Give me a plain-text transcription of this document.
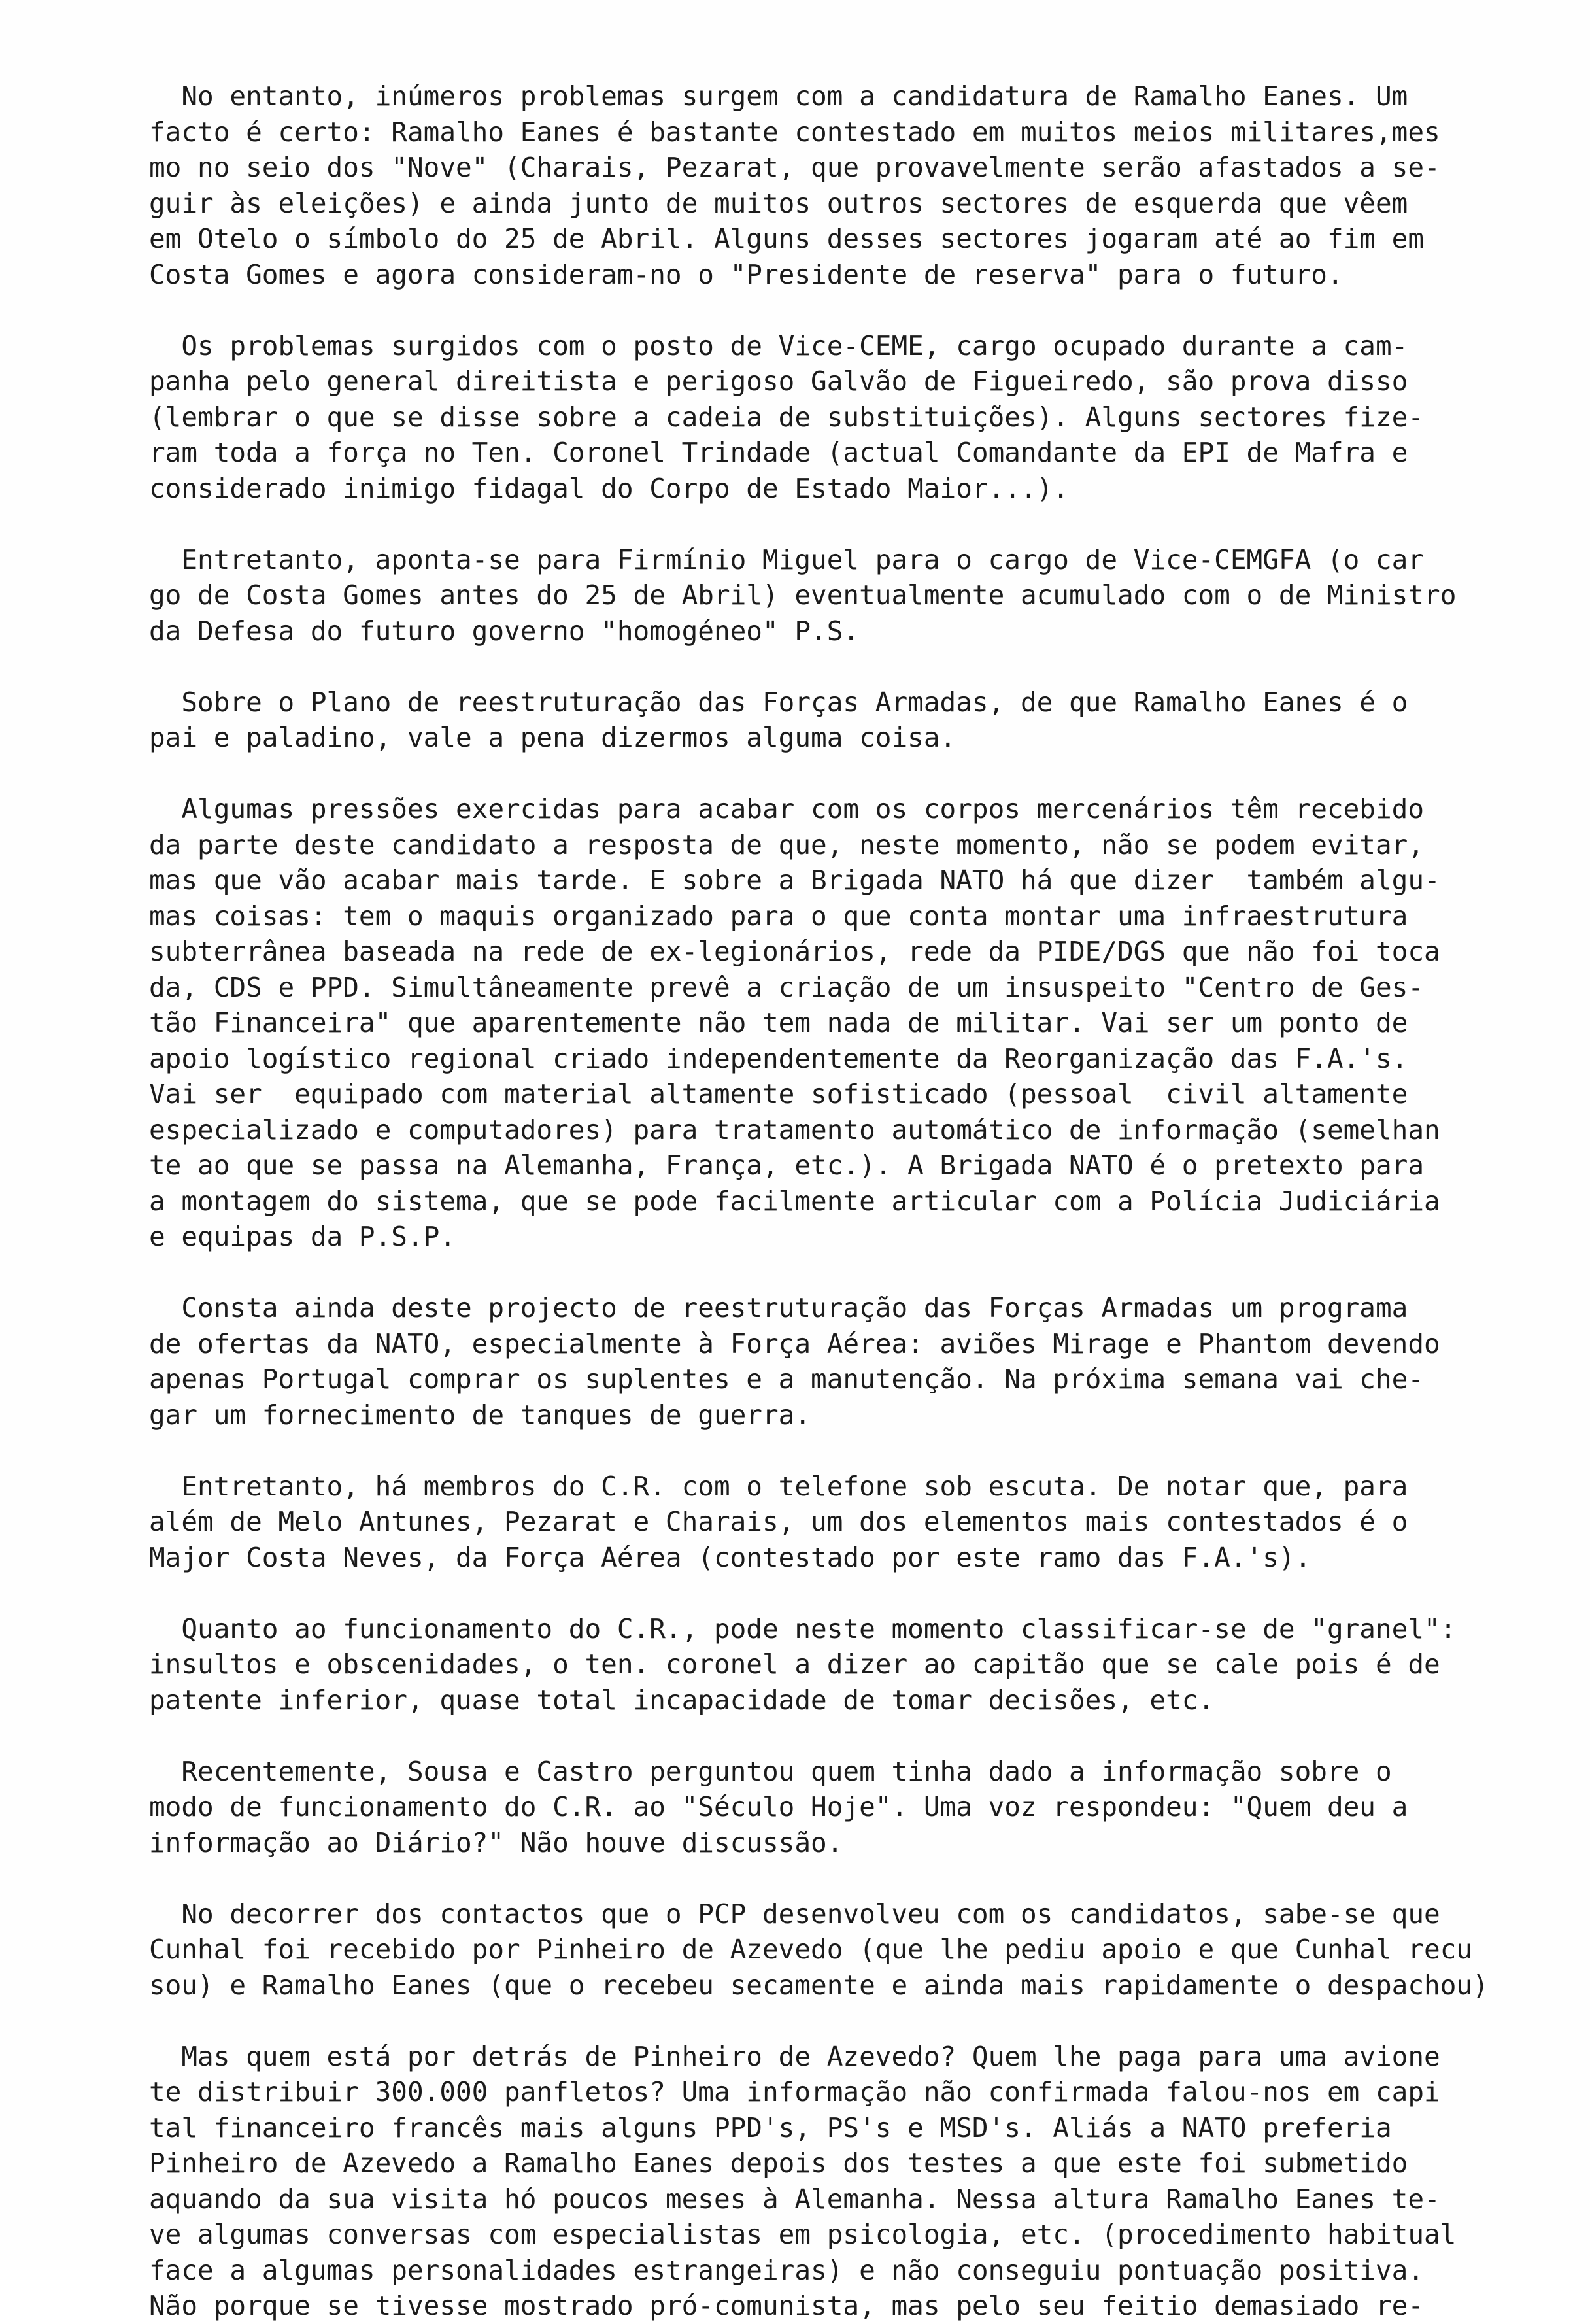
No entanto, inúmeros problemas surgem com a candidatura de Ramalho Eanes. Um
facto é certo: Ramalho Eanes é bastante contestado em muitos meios militares,mes
mo no seio dos "Nove" (Charais, Pezarat, que provavelmente serão afastados a se-
guir às eleições) e ainda junto de muitos outros sectores de esquerda que vêem
em Otelo o símbolo do 25 de Abril. Alguns desses sectores jogaram até ao fim em
Costa Gomes e agora consideram-no o "Presidente de reserva" para o futuro.
Os problemas surgidos com o posto de Vice-CEME, cargo ocupado durante a cam-
panha pelo general direitista e perigoso Galvão de Figueiredo, são prova disso
(lembrar o que se disse sobre a cadeia de substituições). Alguns sectores fize-
ram toda a força no Ten. Coronel Trindade (actual Comandante da EPI de Mafra e
considerado inimigo fidagal do Corpo de Estado Maior...).
Entretanto, aponta-se para Firmínio Miguel para o cargo de Vice-CEMGFA (o car
go de Costa Gomes antes do 25 de Abril) eventualmente acumulado com o de Ministro
da Defesa do futuro governo "homogéneo" P.S.
Sobre o Plano de reestruturação das Forças Armadas, de que Ramalho Eanes é o
pai e paladino, vale a pena dizermos alguma coisa.
Algumas pressões exercidas para acabar com os corpos mercenários têm recebido
da parte deste candidato a resposta de que, neste momento, não se podem evitar,
mas que vão acabar mais tarde. E sobre a Brigada NATO há que dizer  também algu-
mas coisas: tem o maquis organizado para o que conta montar uma infraestrutura
subterrânea baseada na rede de ex-legionários, rede da PIDE/DGS que não foi toca
da, CDS e PPD. Simultâneamente prevê a criação de um insuspeito "Centro de Ges-
tão Financeira" que aparentemente não tem nada de militar. Vai ser um ponto de
apoio logístico regional criado independentemente da Reorganização das F.A.'s.
Vai ser  equipado com material altamente sofisticado (pessoal  civil altamente
especializado e computadores) para tratamento automático de informação (semelhan
te ao que se passa na Alemanha, França, etc.). A Brigada NATO é o pretexto para
a montagem do sistema, que se pode facilmente articular com a Polícia Judiciária
e equipas da P.S.P.
Consta ainda deste projecto de reestruturação das Forças Armadas um programa
de ofertas da NATO, especialmente à Força Aérea: aviões Mirage e Phantom devendo
apenas Portugal comprar os suplentes e a manutenção. Na próxima semana vai che-
gar um fornecimento de tanques de guerra.
Entretanto, há membros do C.R. com o telefone sob escuta. De notar que, para
além de Melo Antunes, Pezarat e Charais, um dos elementos mais contestados é o
Major Costa Neves, da Força Aérea (contestado por este ramo das F.A.'s).
Quanto ao funcionamento do C.R., pode neste momento classificar-se de "granel":
insultos e obscenidades, o ten. coronel a dizer ao capitão que se cale pois é de
patente inferior, quase total incapacidade de tomar decisões, etc.
Recentemente, Sousa e Castro perguntou quem tinha dado a informação sobre o
modo de funcionamento do C.R. ao "Século Hoje". Uma voz respondeu: "Quem deu a
informação ao Diário?" Não houve discussão.
No decorrer dos contactos que o PCP desenvolveu com os candidatos, sabe-se que
Cunhal foi recebido por Pinheiro de Azevedo (que lhe pediu apoio e que Cunhal recu
sou) e Ramalho Eanes (que o recebeu secamente e ainda mais rapidamente o despachou)
Mas quem está por detrás de Pinheiro de Azevedo? Quem lhe paga para uma avione
te distribuir 300.000 panfletos? Uma informação não confirmada falou-nos em capi
tal financeiro francês mais alguns PPD's, PS's e MSD's. Aliás a NATO preferia
Pinheiro de Azevedo a Ramalho Eanes depois dos testes a que este foi submetido
aquando da sua visita hó poucos meses à Alemanha. Nessa altura Ramalho Eanes te-
ve algumas conversas com especialistas em psicologia, etc. (procedimento habitual
face a algumas personalidades estrangeiras) e não conseguiu pontuação positiva.
Não porque se tivesse mostrado pró-comunista, mas pelo seu feitio demasiado re-
